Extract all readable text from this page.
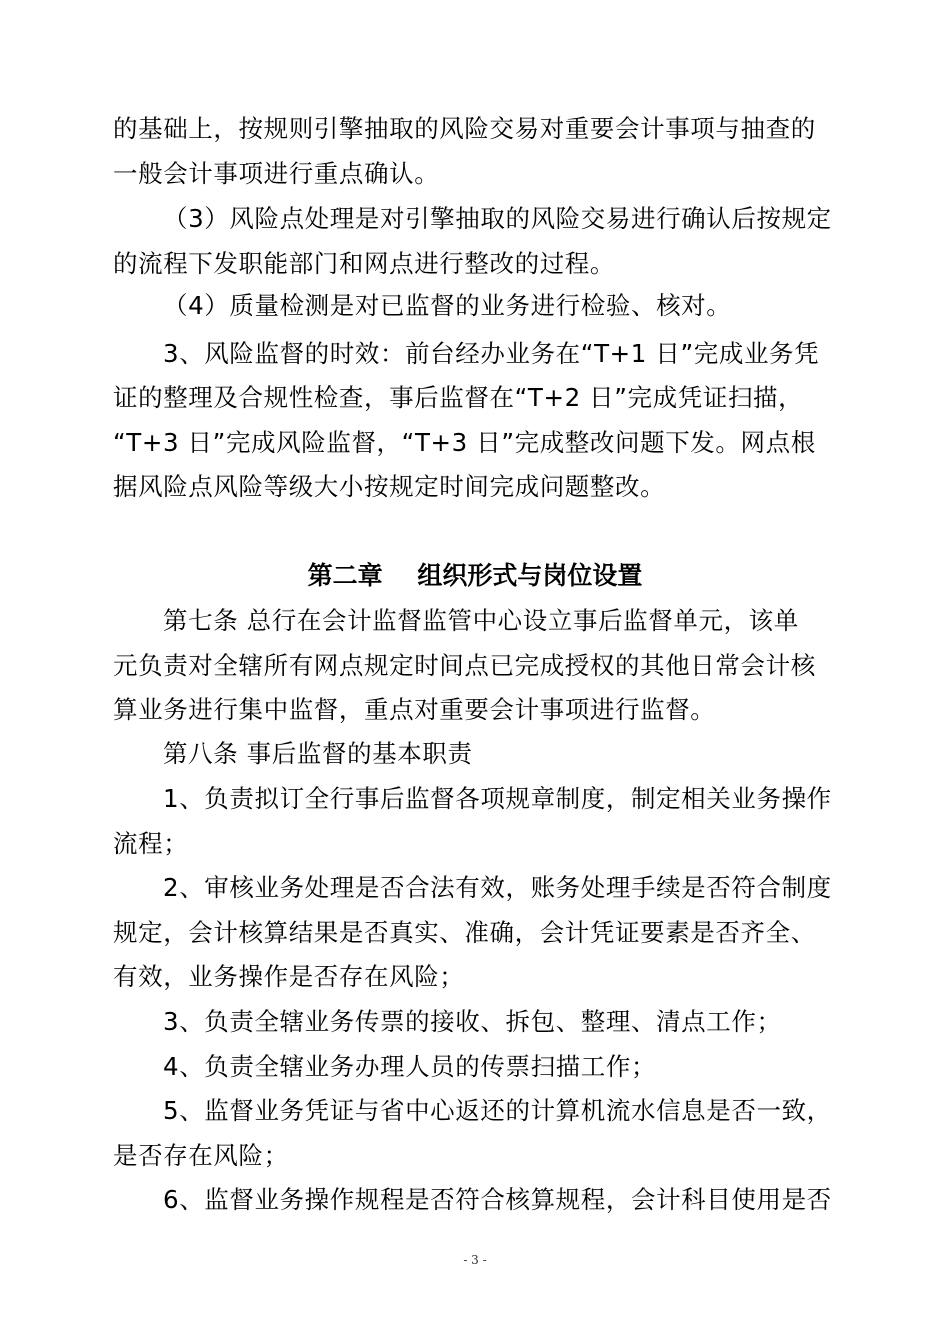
的基础上，按规则引擎抽取的风险交易对重要会计事项与抽查的
一般会计事项进行重点确认。
（3）风险点处理是对引擎抽取的风险交易进行确认后按规定
的流程下发职能部门和网点进行整改的过程。
（4）质量检测是对已监督的业务进行检验、核对。
3、风险监督的时效：前台经办业务在“T+1 日”完成业务凭
证的整理及合规性检查，事后监督在“T+2 日”完成凭证扫描，
“T+3 日”完成风险监督，“T+3 日”完成整改问题下发。网点根
据风险点风险等级大小按规定时间完成问题整改。
第二章    组织形式与岗位设置
第七条 总行在会计监督监管中心设立事后监督单元，该单
元负责对全辖所有网点规定时间点已完成授权的其他日常会计核
算业务进行集中监督，重点对重要会计事项进行监督。
第八条 事后监督的基本职责
1、负责拟订全行事后监督各项规章制度，制定相关业务操作
流程；
2、审核业务处理是否合法有效，账务处理手续是否符合制度
规定，会计核算结果是否真实、准确，会计凭证要素是否齐全、
有效，业务操作是否存在风险；
3、负责全辖业务传票的接收、拆包、整理、清点工作；
4、负责全辖业务办理人员的传票扫描工作；
5、监督业务凭证与省中心返还的计算机流水信息是否一致，
是否存在风险；
6、监督业务操作规程是否符合核算规程，会计科目使用是否
- 3 -
